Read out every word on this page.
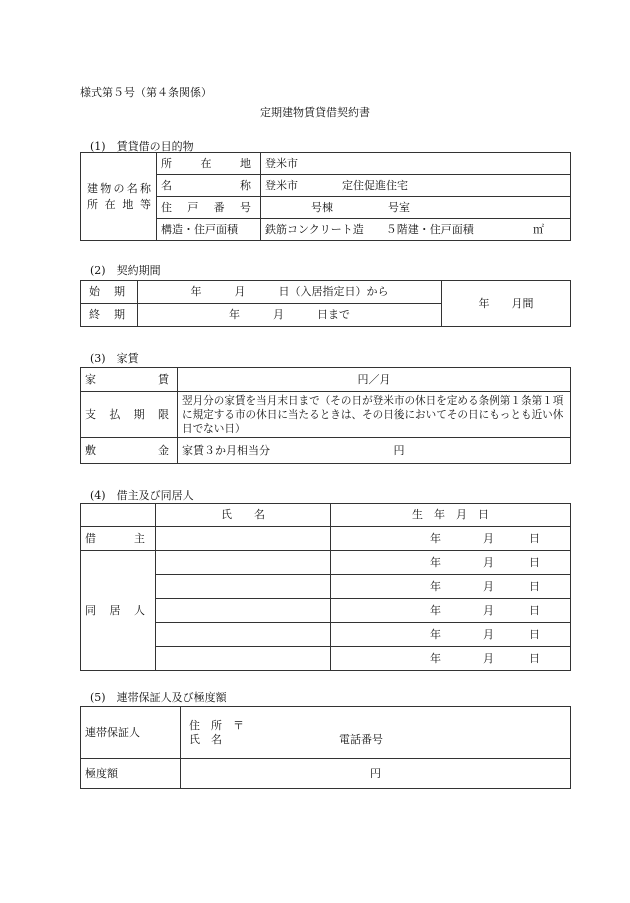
様式第５号（第４条関係）
定期建物賃貸借契約書
(1)　賃貸借の目的物
建物の名称所在地等	所在地	登米市

	名称	登米市　　　　定住促進住宅

	住戸番号	号棟　　　　　号室
	構造・住戸面積	鉄筋コンクリート造　　５階建・住戸面積 ㎡
(2)　契約期間
始期	年　　　月　　　日（入居指定日）から	年　　月間

終期	年　　　月　　　日まで	
(3)　家賃
家賃	円／月

支払期限	翌月分の家賃を当月末日まで（その日が登米市の休日を定める条例第１条第１項に規定する市の休日に当たるときは、その日後においてその日にもっとも近い休日でない日）

敷金	家賃３か月相当分 円
(4)　借主及び同居人
	氏　　名	生　年　月　日

借　　主		年 月 日

同居人		年 月 日
		年 月 日
		年 月 日
		年 月 日
		年 月 日
(5)　連帯保証人及び極度額
連帯保証人	住　所　〒
氏　名 電話番号

極度額	円
